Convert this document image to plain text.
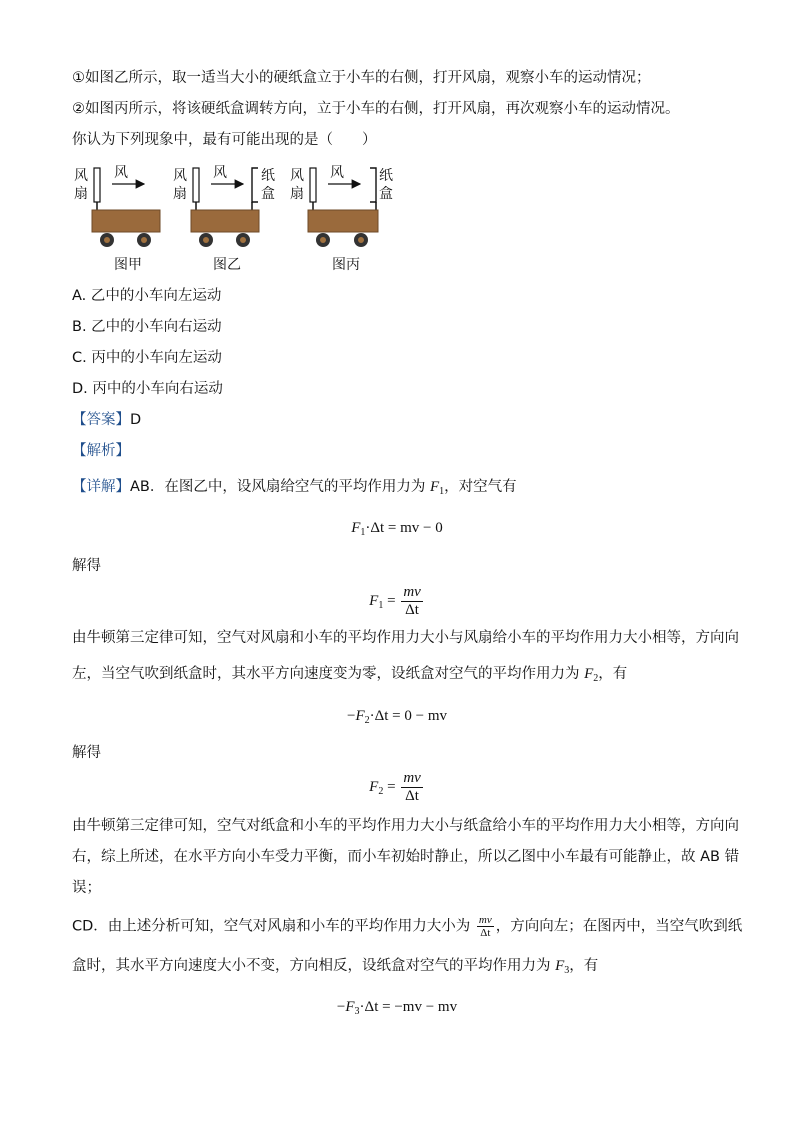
①如图乙所示，取一适当大小的硬纸盒立于小车的右侧，打开风扇，观察小车的运动情况；
②如图丙所示，将该硬纸盒调转方向，立于小车的右侧，打开风扇，再次观察小车的运动情况。
你认为下列现象中，最有可能出现的是（　　）
风
扇
风
图甲
风
扇
风 纸
盒
图乙
风
扇
风	纸
盒
图丙
A. 乙中的小车向左运动
B. 乙中的小车向右运动
C. 丙中的小车向左运动
D. 丙中的小车向右运动
【答案】D
【解析】
【详解】AB．在图乙中，设风扇给空气的平均作用力为 $F_1$，对空气有
$F_1\cdot\Delta t$ = mv − 0
解得
$F_1 = \frac{mv}{\Delta t}$
由牛顿第三定律可知，空气对风扇和小车的平均作用力大小与风扇给小车的平均作用力大小相等，方向向
左，当空气吹到纸盒时，其水平方向速度变为零，设纸盒对空气的平均作用力为 $F_2$，有
$-F_2\cdot\Delta t = 0$ − mv
解得
$F_2 = \frac{mv}{\Delta t}$
由牛顿第三定律可知，空气对纸盒和小车的平均作用力大小与纸盒给小车的平均作用力大小相等，方向向
右，综上所述，在水平方向小车受力平衡，而小车初始时静止，所以乙图中小车最有可能静止，故 AB 错
误；
CD．由上述分析可知，空气对风扇和小车的平均作用力大小为 $\frac{mv}{\Delta t}$ ，方向向左；在图丙中，当空气吹到纸
盒时，其水平方向速度大小不变，方向相反，设纸盒对空气的平均作用力为 $F_3$，有
$-F_3\cdot\Delta t = -mv$ − mv
